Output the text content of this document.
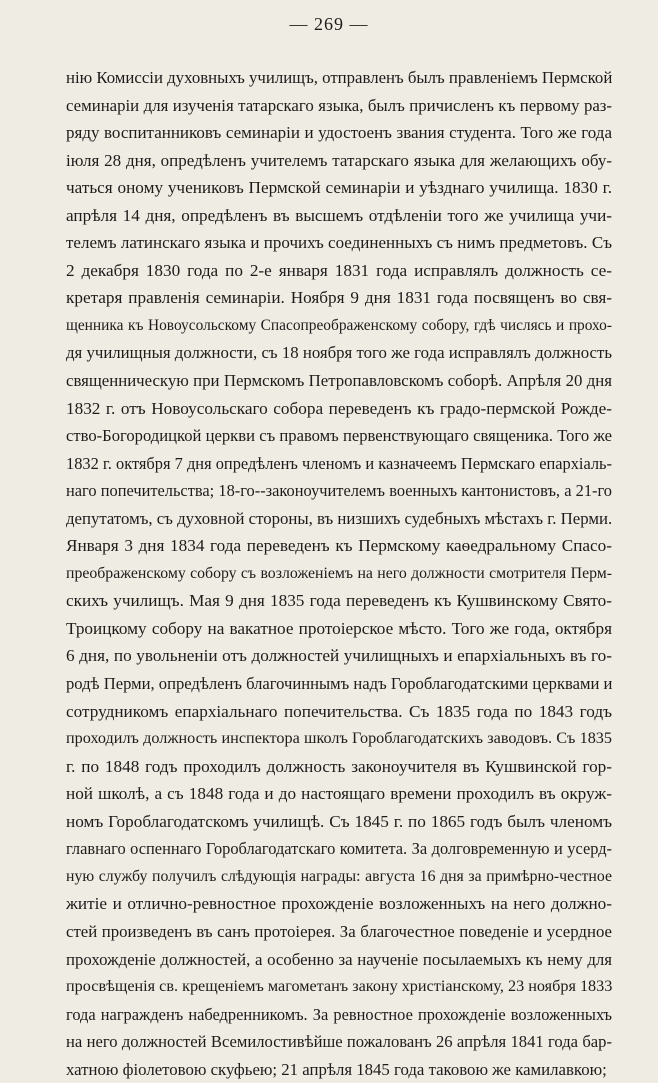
— 269 —
нію Комиссіи духовныхъ училищъ, отправленъ былъ правленіемъ Пермской
семинаріи для изученія татарскаго языка, былъ причисленъ къ первому раз-
ряду воспитанниковъ семинаріи и удостоенъ звания студента. Того же года
іюля 28 дня, опредѣленъ учителемъ татарскаго языка для желающихъ обу-
чаться оному учениковъ Пермской семинаріи и уѣзднаго училища. 1830 г.
апрѣля 14 дня, опредѣленъ въ высшемъ отдѣленіи того же училища учи-
телемъ латинскаго языка и прочихъ соединенныхъ съ нимъ предметовъ. Съ
2 декабря 1830 года по 2-е января 1831 года исправлялъ должность се-
кретаря правленія семинаріи. Ноября 9 дня 1831 года посвященъ во свя-
щенника къ Новоусольскому Спасопреображенскому собору, гдѣ числясь и прохо-
дя училищныя должности, съ 18 ноября того же года исправлялъ должность
священническую при Пермскомъ Петропавловскомъ соборѣ. Апрѣля 20 дня
1832 г. отъ Новоусольскаго собора переведенъ къ градо-пермской Рожде-
ство-Богородицкой церкви съ правомъ первенствующаго священика. Того же
1832 г. октября 7 дня опредѣленъ членомъ и казначеемъ Пермскаго епархіаль-
наго попечительства; 18-го--законоучителемъ военныхъ кантонистовъ, а 21-го
депутатомъ, съ духовной стороны, въ низшихъ судебныхъ мѣстахъ г. Перми.
Января 3 дня 1834 года переведенъ къ Пермскому каѳедральному Спасо-
преображенскому собору съ возложеніемъ на него должности смотрителя Перм-
скихъ училищъ. Мая 9 дня 1835 года переведенъ къ Кушвинскому Свято-
Троицкому собору на вакатное протоіерское мѣсто. Того же года, октября
6 дня, по увольненіи отъ должностей училищныхъ и епархіальныхъ въ го-
родѣ Перми, опредѣленъ благочиннымъ надъ Гороблагодатскими церквами и
сотрудникомъ епархіальнаго попечительства. Съ 1835 года по 1843 годъ
проходилъ должность инспектора школъ Гороблагодатскихъ заводовъ. Съ 1835
г. по 1848 годъ проходилъ должность законоучителя въ Кушвинской гор-
ной школѣ, а съ 1848 года и до настоящаго времени проходилъ въ окруж-
номъ Гороблагодатскомъ училищѣ. Съ 1845 г. по 1865 годъ былъ членомъ
главнаго оспеннаго Гороблагодатскаго комитета. За долговременную и усерд-
ную службу получилъ слѣдующія награды: августа 16 дня за примѣрно-честное
житіе и отлично-ревностное прохожденіе возложенныхъ на него должно-
стей произведенъ въ санъ протоіерея. За благочестное поведеніе и усердное
прохожденіе должностей, а особенно за наученіе посылаемыхъ къ нему для
просвѣщенія св. крещеніемъ магометанъ закону христіанскому, 23 ноября 1833
года награжденъ набедренникомъ. За ревностное прохожденіе возложенныхъ
на него должностей Всемилостивѣйше пожалованъ 26 апрѣля 1841 года бар-
хатною фіолетовою скуфьею; 21 апрѣля 1845 года таковою же камилавкою;
